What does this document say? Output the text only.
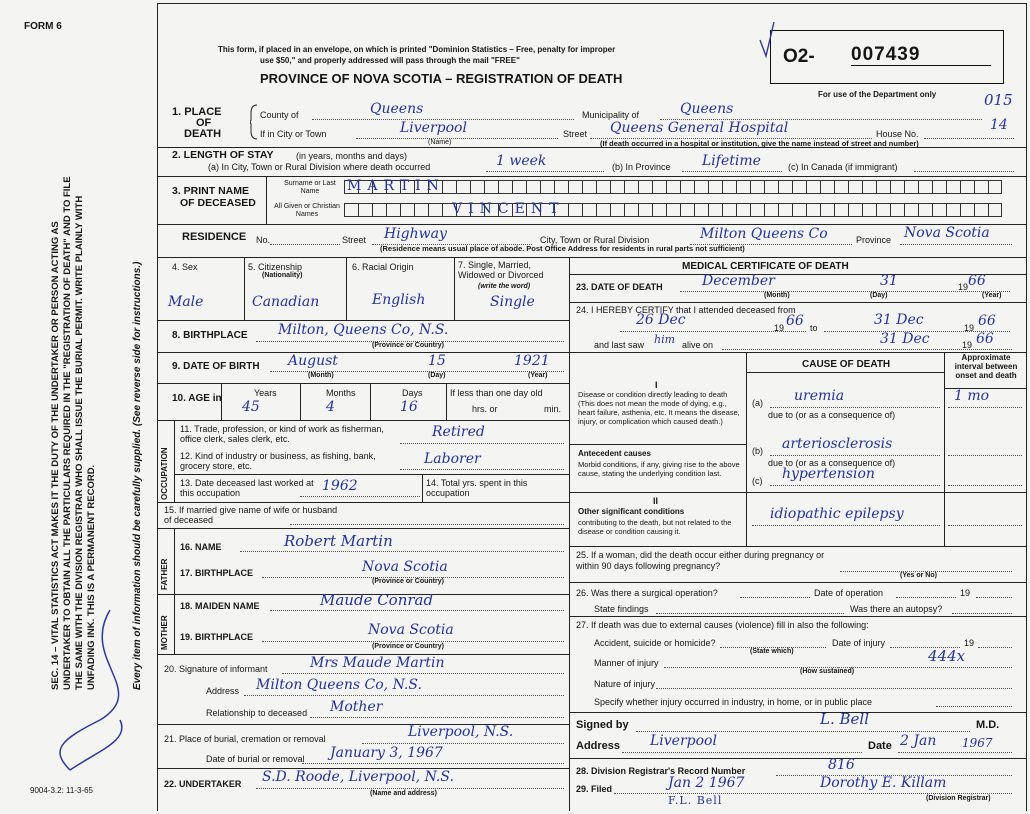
FORM 6
SEC. 14 – VITAL STATISTICS ACT MAKES IT THE DUTY OF THE UNDERTAKER OR PERSON ACTING AS UNDERTAKER TO OBTAIN ALL THE PARTICULARS REQUIRED IN THE "REGISTRATION OF DEATH" AND TO FILE THE SAME WITH THE DIVISION REGISTRAR WHO SHALL ISSUE THE BURIAL PERMIT. WRITE PLAINLY WITH UNFADING INK. THIS IS A PERMANENT RECORD.	Every item of information should be carefully supplied. (See reverse side for instructions.)
9004-3.2: 11-3-65
This form, if placed in an envelope, on which is printed "Dominion Statistics – Free, penalty for improper
use $50," and properly addressed will pass through the mail "FREE"
PROVINCE OF NOVA SCOTIA – REGISTRATION OF DEATH
O2- 007439
For use of the Department only	015
1. PLACE
OF
DEATH
County of	Queens	Municipality of	Queens
If in City or Town	Liverpool
(Name)
Street Queens General Hospital	House No.
14
(If death occurred in a hospital or institution, give the name instead of street and number)
2. LENGTH OF STAY (in years, months and days)
(a) In City, Town or Rural Division where death occurred	1 week	(b) In Province Lifetime	(c) In Canada (if immigrant)
3. PRINT NAME
OF DECEASED
Surname or Last Name
All Given or Christian Names
MARTIN
VINCENT
RESIDENCE No.	Street Highway	City, Town or Rural Division	Milton Queens Co	Province Nova Scotia
(Residence means usual place of abode. Post Office Address for residents in rural parts not sufficient)
4. Sex	5. Citizenship
(Nationality)
6. Racial Origin	7. Single, Married, Widowed or Divorced
(write the word)
Male	Canadian	English	Single
8. BIRTHPLACE Milton, Queens Co, N.S.
(Province or Country)
9. DATE OF BIRTH August	15	1921
(Month)	(Day)	(Year)
10. AGE in	Years	Months	Days
45	4	16
If less than one day old
hrs. or	min.
OCCUPATION
11. Trade, profession, or kind of work as fisherman, office clerk, sales clerk, etc.	Retired
12. Kind of industry or business, as fishing, bank, grocery store, etc.	Laborer
13. Date deceased last worked at this occupation	1962	14. Total yrs. spent in this occupation
15. If married give name of wife or husband of deceased
FATHER
16. NAME	Robert Martin
17. BIRTHPLACE	Nova Scotia
(Province or Country)
MOTHER
18. MAIDEN NAME	Maude Conrad
19. BIRTHPLACE	Nova Scotia
(Province or Country)
20. Signature of informant	Mrs Maude Martin
Address Milton Queens Co, N.S.
Relationship to deceased Mother
21. Place of burial, cremation or removal	Liverpool, N.S.
Date of burial or removal January 3, 1967
22. UNDERTAKER S.D. Roode, Liverpool, N.S.
(Name and address)
MEDICAL CERTIFICATE OF DEATH
23. DATE OF DEATH	December	31	19 66
(Month)	(Day)	(Year)
24. I HEREBY CERTIFY that I attended deceased from
26 Dec	19 66 to	31 Dec	19 66
and last saw him alive on	31 Dec	19 66
CAUSE OF DEATH
Approximate interval between onset and death
I
Disease or condition directly leading to death (This does not mean the mode of dying, e.g., heart failure, asthenia, etc. It means the disease, injury, or complication which caused death.)
(a) uremia	1 mo
due to (or as a consequence of)
Antecedent causes
Morbid conditions, if any, giving rise to the above cause, stating the underlying condition last.
(b) arteriosclerosis
due to (or as a consequence of)
(c) hypertension
II
Other significant conditions
contributing to the death, but not related to the disease or condition causing it.
idiopathic epilepsy
25. If a woman, did the death occur either during pregnancy or within 90 days following pregnancy?
(Yes or No)
26. Was there a surgical operation?	Date of operation	19
State findings	Was there an autopsy?
27. If death was due to external causes (violence) fill in also the following:
Accident, suicide or homicide?	Date of injury	19
(State which)
Manner of injury	444x
(How sustained)
Nature of injury
Specify whether injury occurred in industry, in home, or in public place
Signed by	L. Bell	M.D.
Address Liverpool	Date 2 Jan 1967
28. Division Registrar's Record Number	816
29. Filed	Jan 2 1967	Dorothy E. Killam
(Division Registrar)
F.L. Bell
